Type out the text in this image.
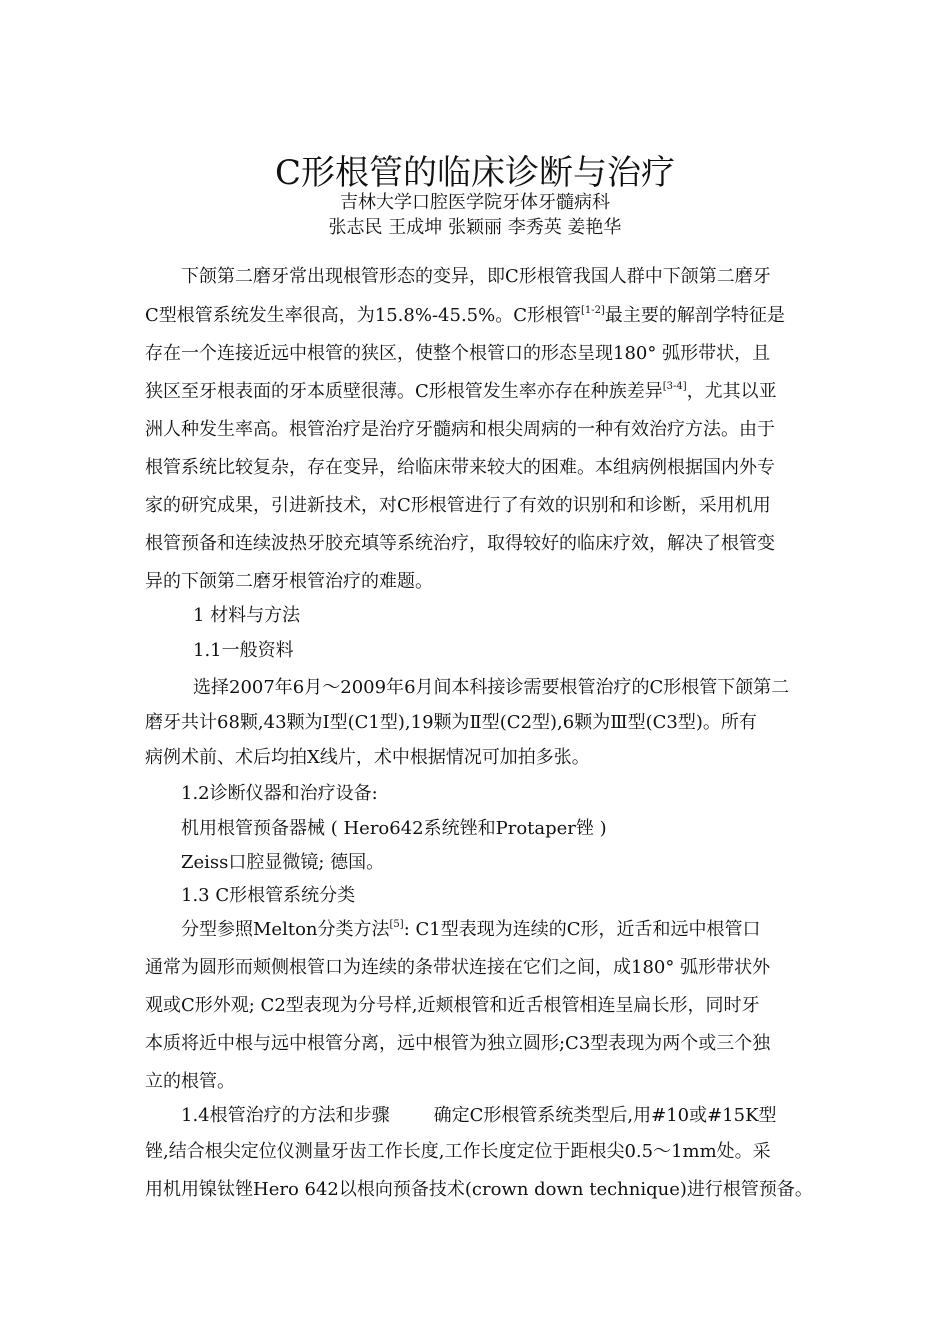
C形根管的临床诊断与治疗
吉林大学口腔医学院牙体牙髓病科
张志民 王成坤 张颖丽 李秀英 姜艳华
下颌第二磨牙常出现根管形态的变异，即C形根管我国人群中下颌第二磨牙
C型根管系统发生率很高，为15.8%-45.5%。C形根管[1-2]最主要的解剖学特征是
存在一个连接近远中根管的狭区，使整个根管口的形态呈现180° 弧形带状，且
狭区至牙根表面的牙本质壁很薄。C形根管发生率亦存在种族差异[3-4]，尤其以亚
洲人种发生率高。根管治疗是治疗牙髓病和根尖周病的一种有效治疗方法。由于
根管系统比较复杂，存在变异，给临床带来较大的困难。本组病例根据国内外专
家的研究成果，引进新技术，对C形根管进行了有效的识别和和诊断，采用机用
根管预备和连续波热牙胶充填等系统治疗，取得较好的临床疗效，解决了根管变
异的下颌第二磨牙根管治疗的难题。
1 材料与方法
1.1一般资料
选择2007年6月～2009年6月间本科接诊需要根管治疗的C形根管下颌第二
磨牙共计68颗,43颗为Ⅰ型(C1型),19颗为Ⅱ型(C2型),6颗为Ⅲ型(C3型)。所有
病例术前、术后均拍X线片，术中根据情况可加拍多张。
1.2诊断仪器和治疗设备:
机用根管预备器械 ( Hero642系统锉和Protaper锉 )
Zeiss口腔显微镜; 德国。
1.3 C形根管系统分类
分型参照Melton分类方法[5]: C1型表现为连续的C形，近舌和远中根管口
通常为圆形而颊侧根管口为连续的条带状连接在它们之间，成180° 弧形带状外
观或C形外观; C2型表现为分号样,近颊根管和近舌根管相连呈扁长形，同时牙
本质将近中根与远中根管分离，远中根管为独立圆形;C3型表现为两个或三个独
立的根管。
1.4根管治疗的方法和步骤 确定C形根管系统类型后,用#10或#15K型
锉,结合根尖定位仪测量牙齿工作长度,工作长度定位于距根尖0.5～1mm处。采
用机用镍钛锉Hero 642以根向预备技术(crown down technique)进行根管预备。
